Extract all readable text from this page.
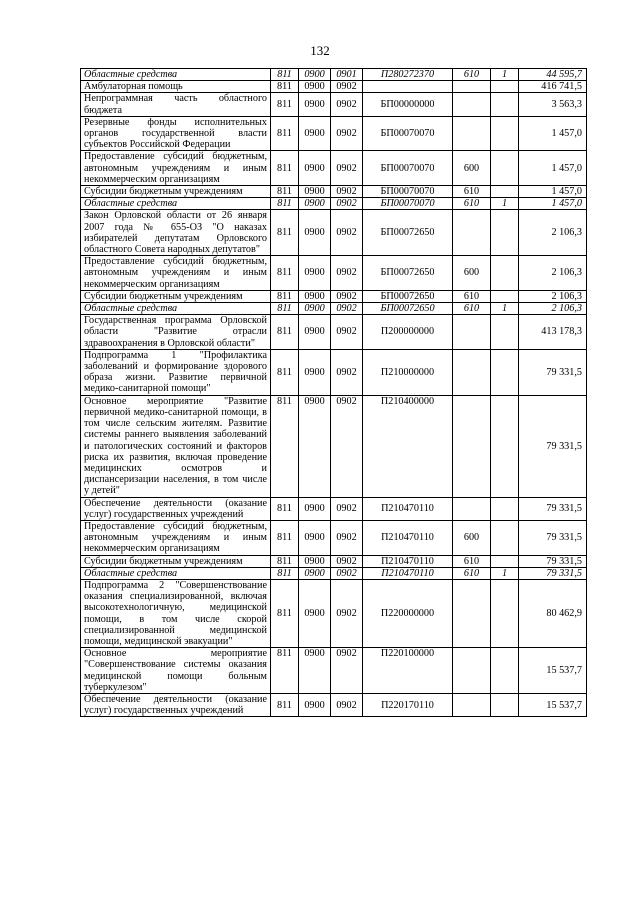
132
Областные средства	811	0900	0901	П280272370	610	1	44 595,7
Амбулаторная помощь	811	0900	0902				416 741,5
Непрограммная часть областного бюджета	811	0900	0902	БП00000000			3 563,3
Резервные фонды исполнительных органов государственной власти субъектов Российской Федерации	811	0900	0902	БП00070070			1 457,0
Предоставление субсидий бюджетным, автономным учреждениям и иным некоммерческим организациям	811	0900	0902	БП00070070	600		1 457,0
Субсидии бюджетным учреждениям	811	0900	0902	БП00070070	610		1 457,0
Областные средства	811	0900	0902	БП00070070	610	1	1 457,0
Закон Орловской области от 26 января 2007 года № 655-ОЗ "О наказах избирателей депутатам Орловского областного Совета народных депутатов"	811	0900	0902	БП00072650			2 106,3
Предоставление субсидий бюджетным, автономным учреждениям и иным некоммерческим организациям	811	0900	0902	БП00072650	600		2 106,3
Субсидии бюджетным учреждениям	811	0900	0902	БП00072650	610		2 106,3
Областные средства	811	0900	0902	БП00072650	610	1	2 106,3
Государственная программа Орловской области "Развитие отрасли здравоохранения в Орловской области"	811	0900	0902	П200000000			413 178,3
Подпрограмма 1 "Профилактика заболеваний и формирование здорового образа жизни. Развитие первичной медико-санитарной помощи"	811	0900	0902	П210000000			79 331,5
Основное мероприятие "Развитие первичной медико-санитарной помощи, в том числе сельским жителям. Развитие системы раннего выявления заболеваний и патологических состояний и факторов риска их развития, включая проведение медицинских осмотров и диспансеризации населения, в том числе у детей"	811	0900	0902	П210400000			79 331,5
Обеспечение деятельности (оказание услуг) государственных учреждений	811	0900	0902	П210470110			79 331,5
Предоставление субсидий бюджетным, автономным учреждениям и иным некоммерческим организациям	811	0900	0902	П210470110	600		79 331,5
Субсидии бюджетным учреждениям	811	0900	0902	П210470110	610		79 331,5
Областные средства	811	0900	0902	П210470110	610	1	79 331,5
Подпрограмма 2 "Совершенствование оказания специализированной, включая высокотехнологичную, медицинской помощи, в том числе скорой специализированной медицинской помощи, медицинской эвакуации"	811	0900	0902	П220000000			80 462,9
Основное мероприятие "Совершенствование системы оказания медицинской помощи больным туберкулезом"	811	0900	0902	П220100000			15 537,7
Обеспечение деятельности (оказание услуг) государственных учреждений	811	0900	0902	П220170110			15 537,7
